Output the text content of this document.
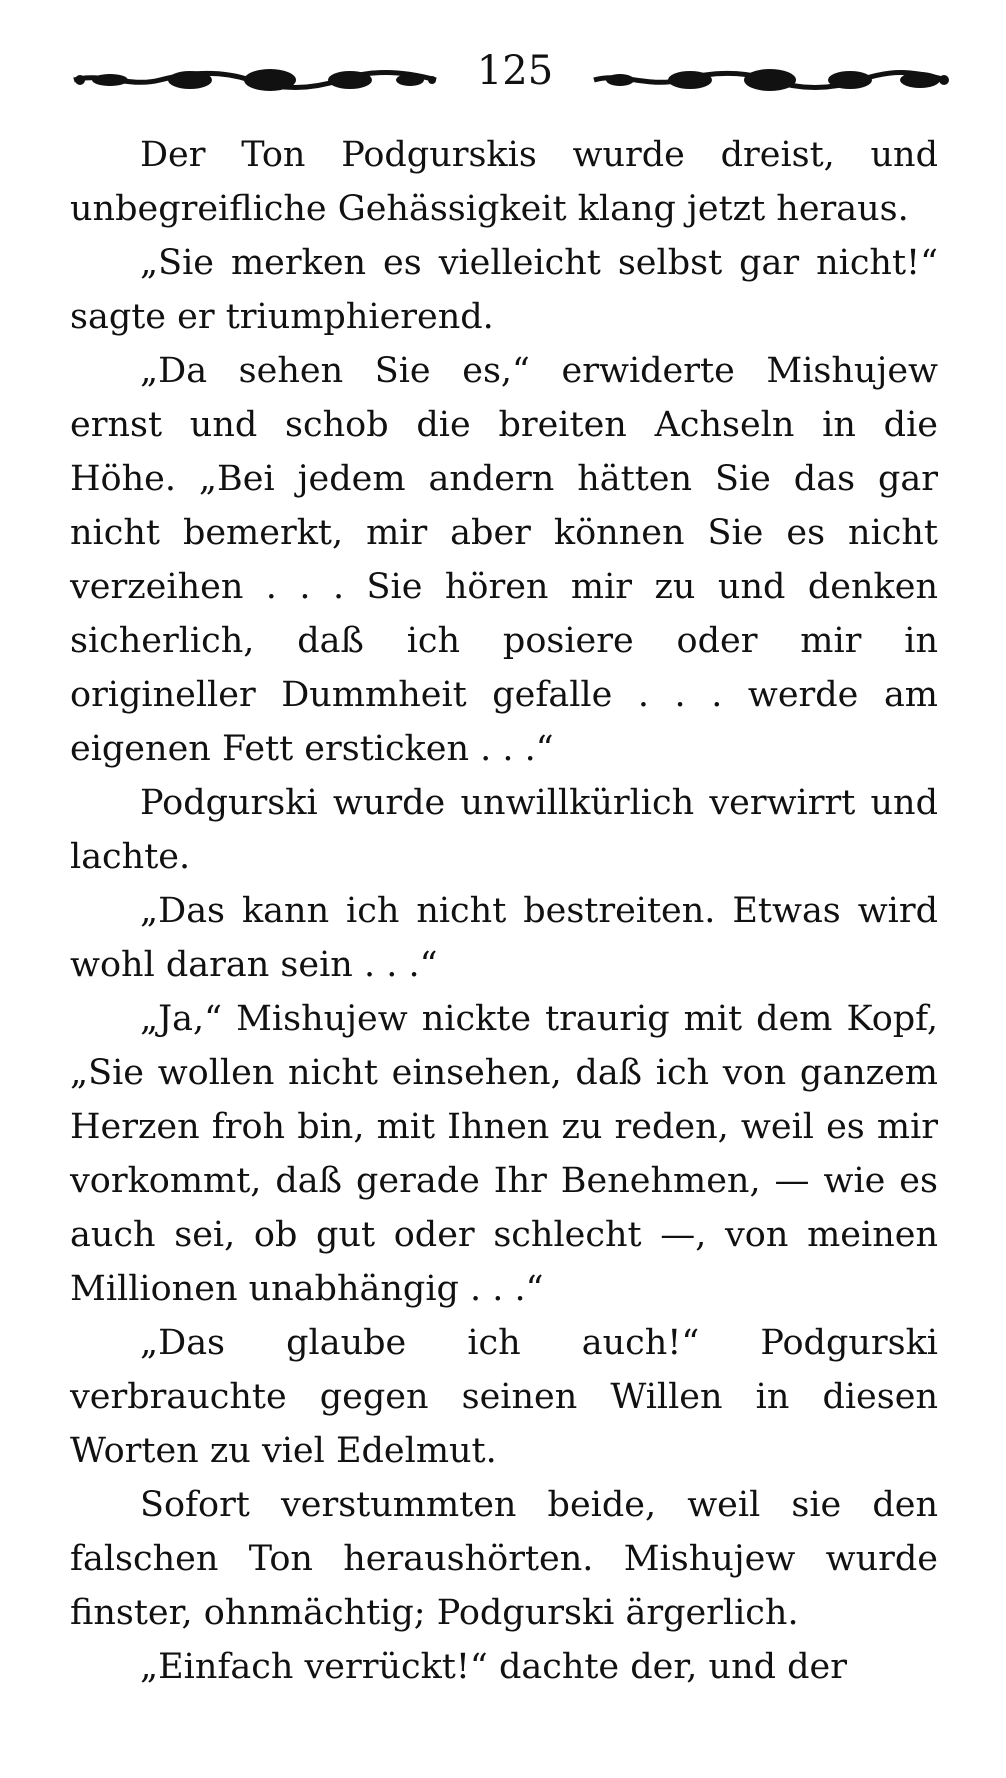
125

Der Ton Podgurskis wurde dreist, und unbegreifliche Gehässigkeit klang jetzt heraus.

„Sie merken es vielleicht selbst gar nicht!“ sagte er triumphierend.

„Da sehen Sie es,“ erwiderte Mishujew ernst und schob die breiten Achseln in die Höhe. „Bei jedem andern hätten Sie das gar nicht bemerkt, mir aber können Sie es nicht verzeihen . . . Sie hören mir zu und denken sicherlich, daß ich posiere oder mir in origineller Dummheit gefalle . . . werde am eigenen Fett ersticken . . .“

Podgurski wurde unwillkürlich verwirrt und lachte.

„Das kann ich nicht bestreiten. Etwas wird wohl daran sein . . .“

„Ja,“ Mishujew nickte traurig mit dem Kopf, „Sie wollen nicht einsehen, daß ich von ganzem Herzen froh bin, mit Ihnen zu reden, weil es mir vorkommt, daß gerade Ihr Benehmen, — wie es auch sei, ob gut oder schlecht —, von meinen Millionen unabhängig . . .“

„Das glaube ich auch!“ Podgurski verbrauchte gegen seinen Willen in diesen Worten zu viel Edelmut.

Sofort verstummten beide, weil sie den falschen Ton heraushörten. Mishujew wurde finster, ohnmächtig; Podgurski ärgerlich.

„Einfach verrückt!“ dachte der, und der
